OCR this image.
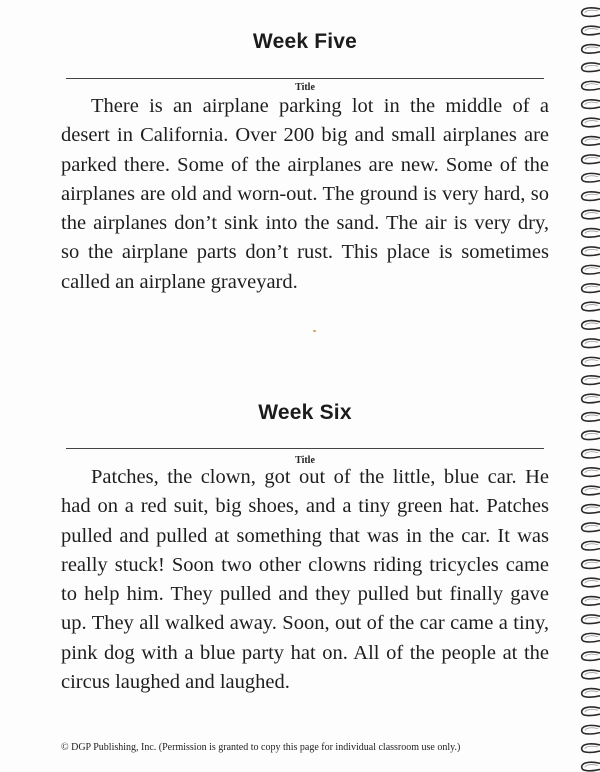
Week Five
Title

There is an airplane parking lot in the middle of a desert in California. Over 200 big and small airplanes are parked there. Some of the airplanes are new. Some of the airplanes are old and worn-out. The ground is very hard, so the airplanes don’t sink into the sand. The air is very dry, so the airplane parts don’t rust. This place is sometimes called an airplane graveyard.

Week Six
Title

Patches, the clown, got out of the little, blue car. He had on a red suit, big shoes, and a tiny green hat. Patches pulled and pulled at something that was in the car. It was really stuck! Soon two other clowns riding tricycles came to help him. They pulled and they pulled but finally gave up. They all walked away. Soon, out of the car came a tiny, pink dog with a blue party hat on. All of the people at the circus laughed and laughed.

© DGP Publishing, Inc. (Permission is granted to copy this page for individual classroom use only.)
